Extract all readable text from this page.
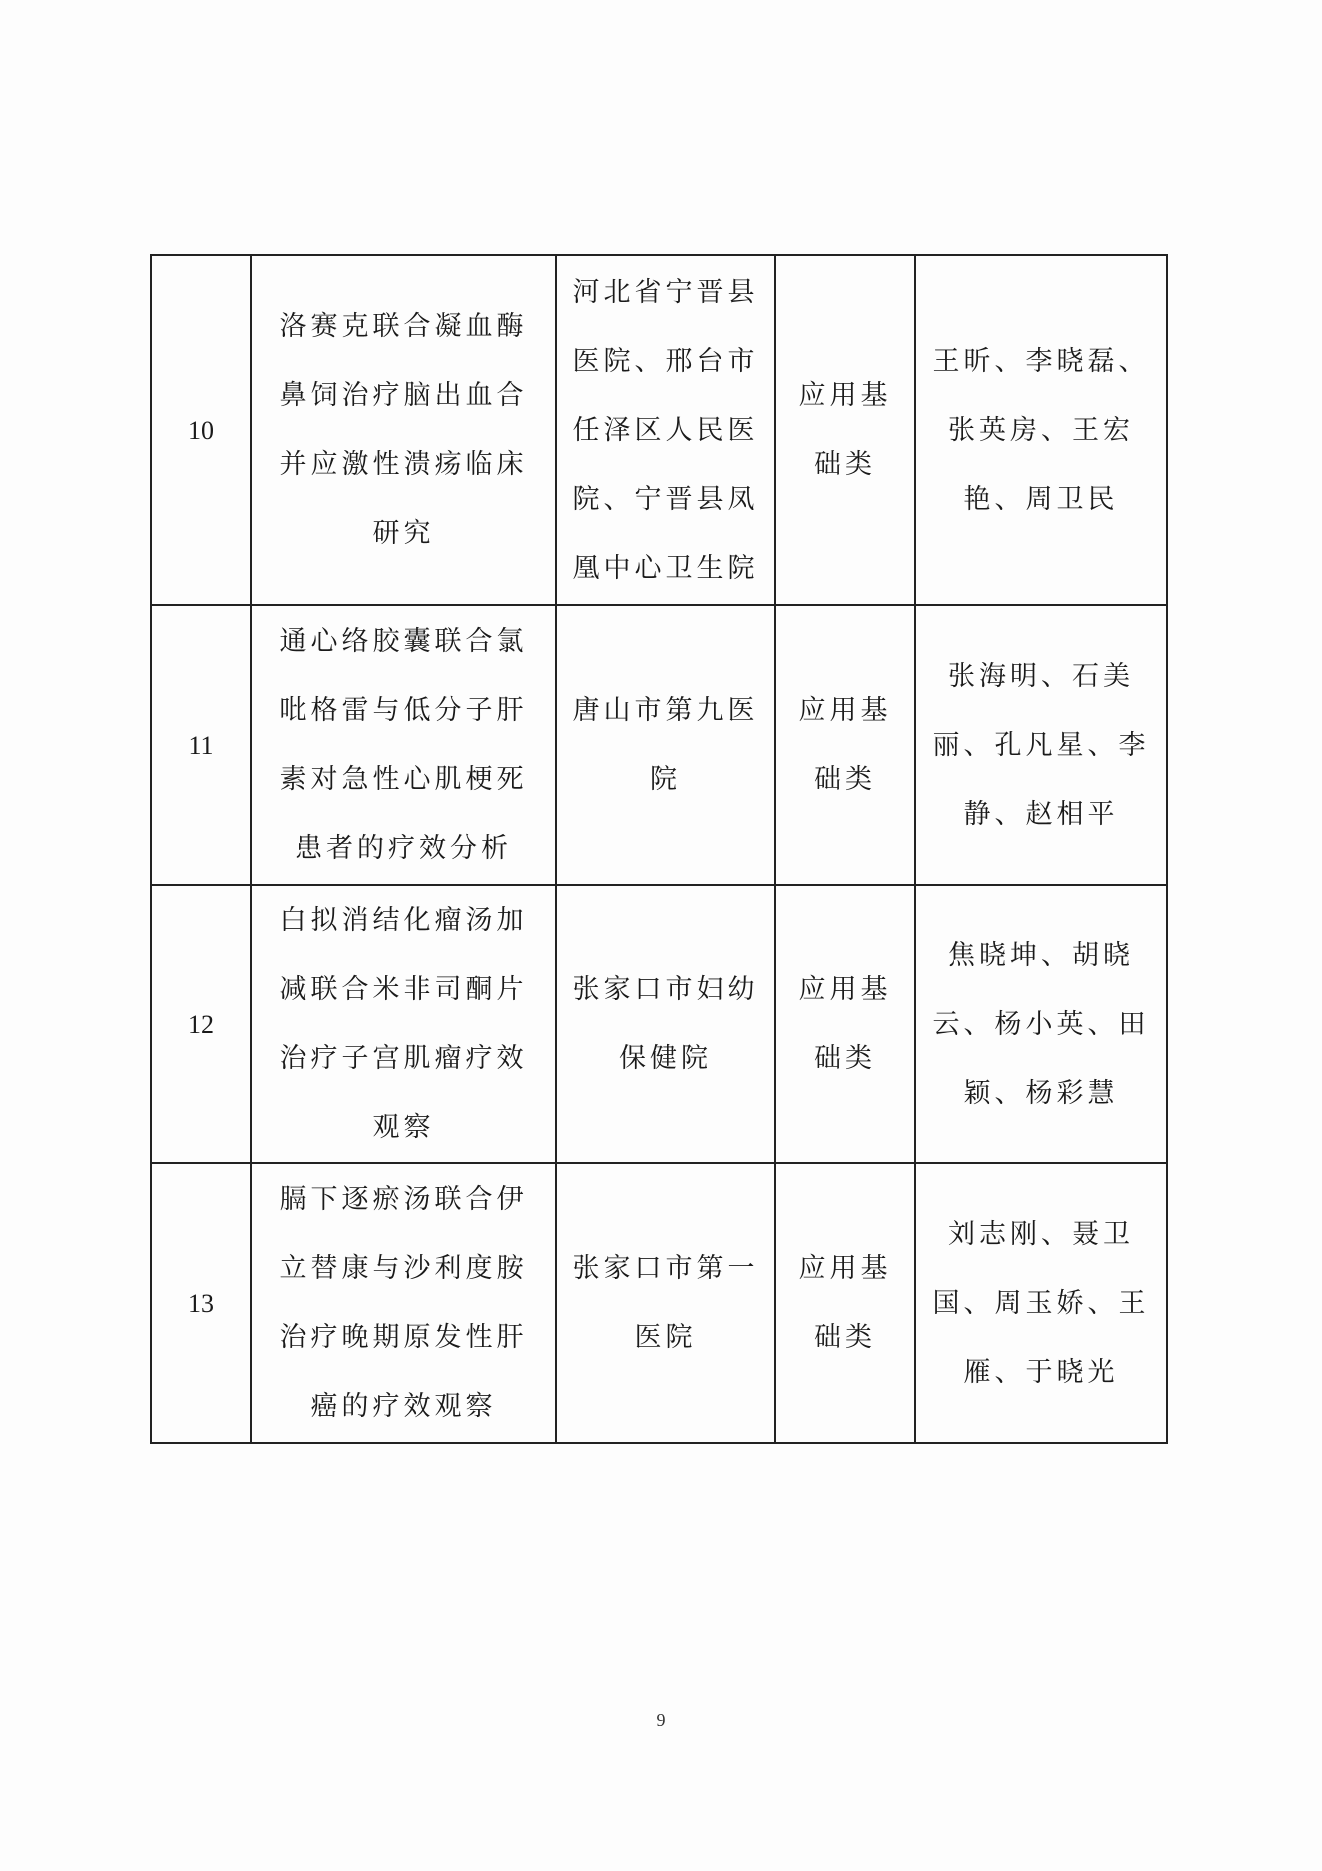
10	洛赛克联合凝血酶鼻饲治疗脑出血合并应激性溃疡临床研究	河北省宁晋县医院、邢台市任泽区人民医院、宁晋县凤凰中心卫生院	应用基础类	王昕、李晓磊、张英房、王宏艳、周卫民
11	通心络胶囊联合氯吡格雷与低分子肝素对急性心肌梗死患者的疗效分析	唐山市第九医院	应用基础类	张海明、石美丽、孔凡星、李静、赵相平
12	白拟消结化瘤汤加减联合米非司酮片治疗子宫肌瘤疗效观察	张家口市妇幼保健院	应用基础类	焦晓坤、胡晓云、杨小英、田颖、杨彩慧
13	膈下逐瘀汤联合伊立替康与沙利度胺治疗晚期原发性肝癌的疗效观察	张家口市第一医院	应用基础类	刘志刚、聂卫国、周玉娇、王雁、于晓光
9
